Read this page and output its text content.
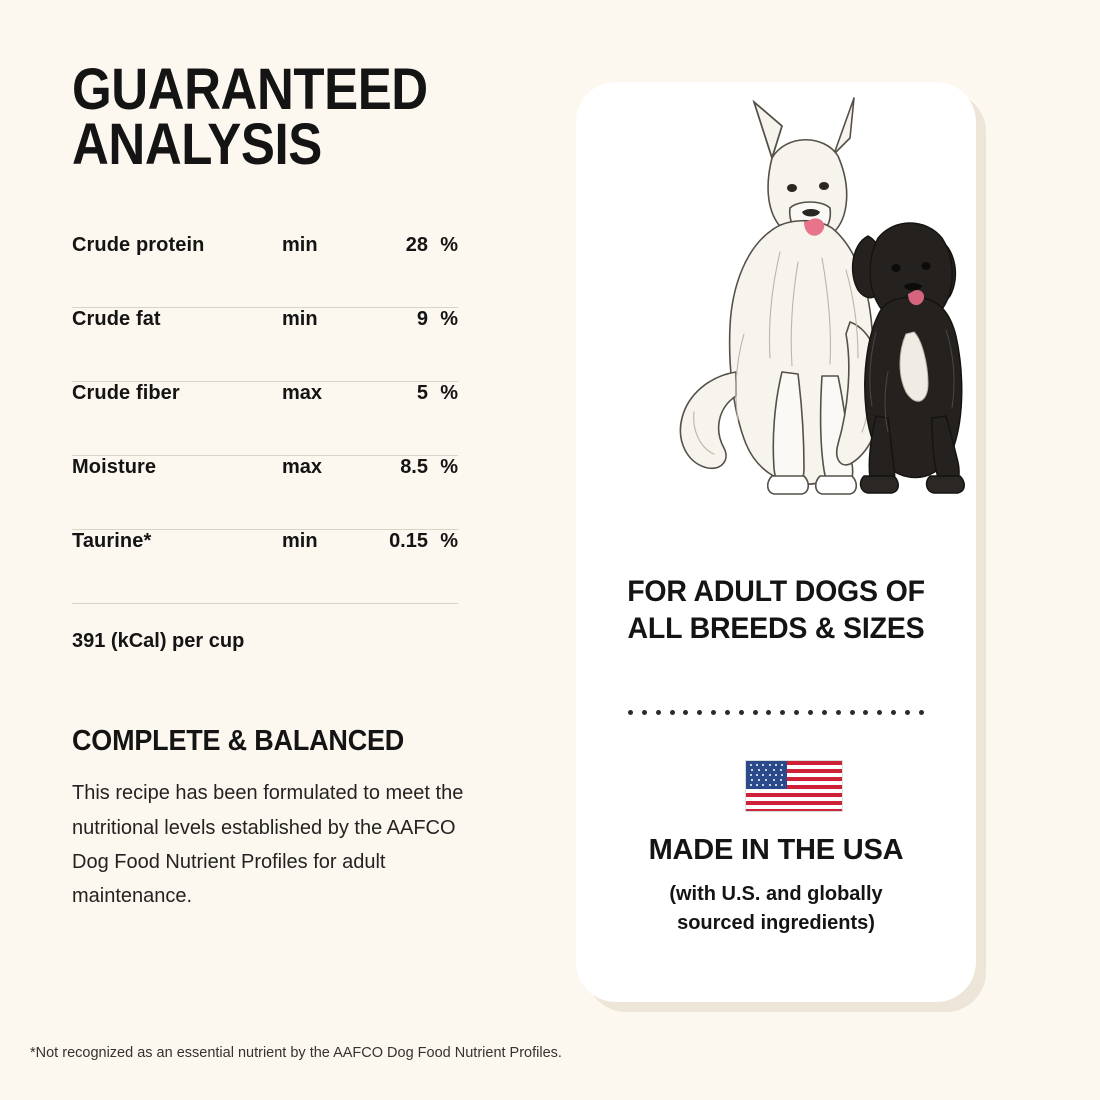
GUARANTEED
ANALYSIS
Crude protein	min	28 %
Crude fat	min	9 %
Crude fiber	max	5 %
Moisture	max	8.5 %
Taurine*	min	0.15 %
391 (kCal) per cup
COMPLETE & BALANCED
This recipe has been formulated to meet the nutritional levels established by the AAFCO Dog Food Nutrient Profiles for adult maintenance.
*Not recognized as an essential nutrient by the AAFCO Dog Food Nutrient Profiles.
FOR ADULT DOGS OF
ALL BREEDS & SIZES
MADE IN THE USA
(with U.S. and globally
sourced ingredients)
